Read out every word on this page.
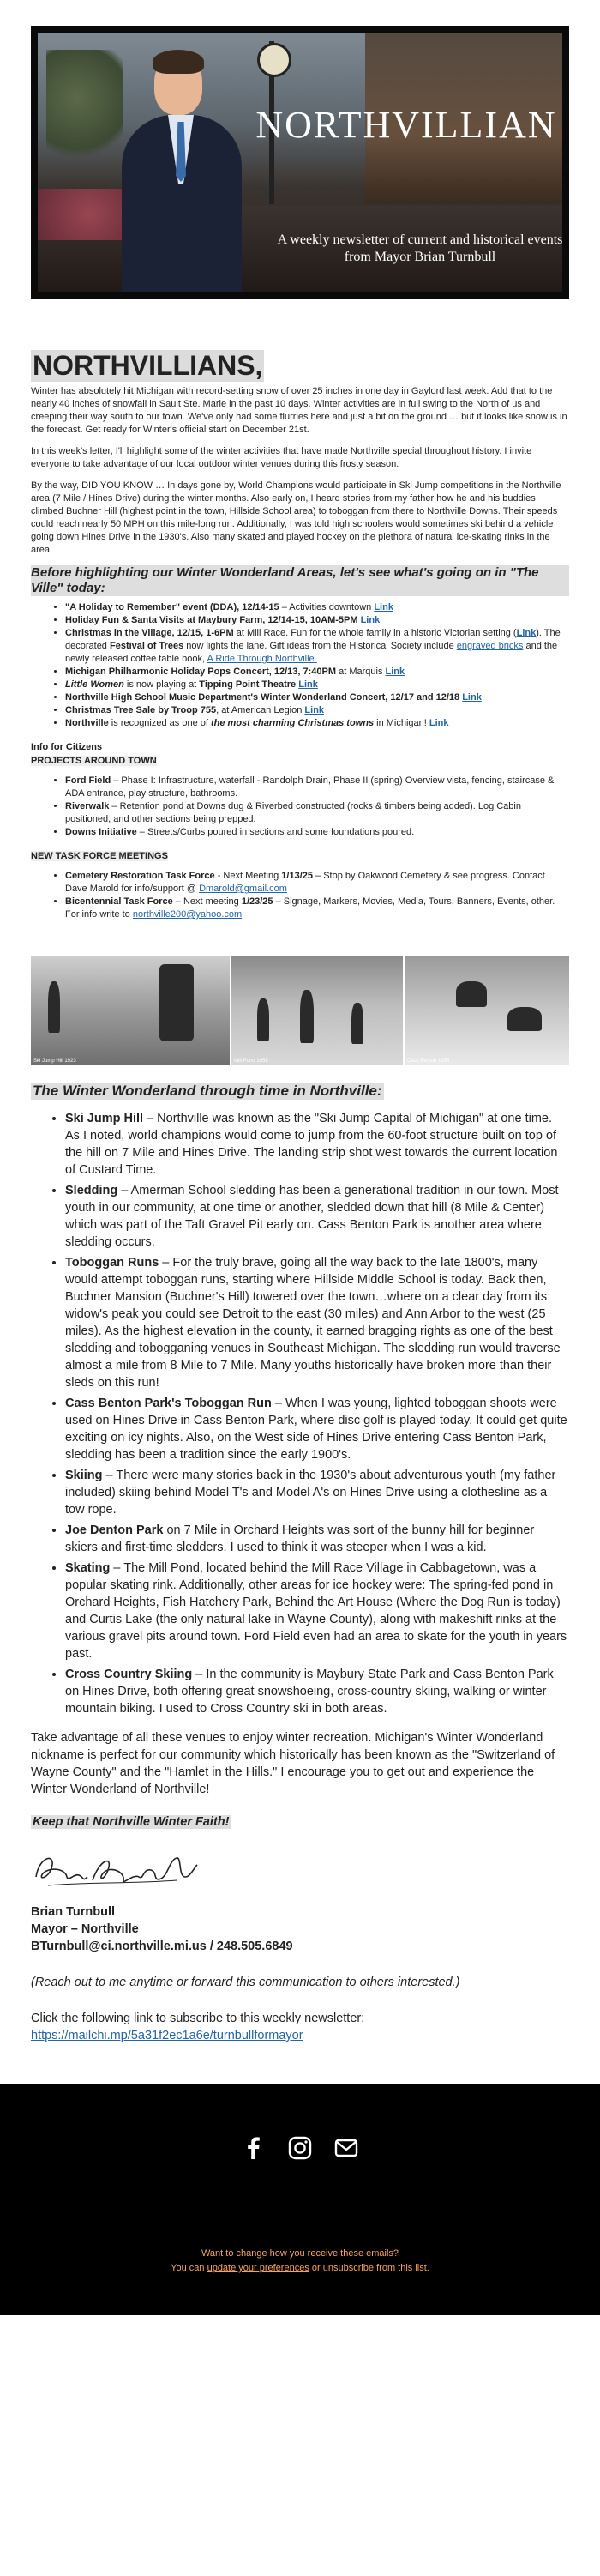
NORTHVILLIAN
A weekly newsletter of current and historical events from Mayor Brian Turnbull
NORTHVILLIANS,

Winter has absolutely hit Michigan with record-setting snow of over 25 inches in one day in Gaylord last week. Add that to the nearly 40 inches of snowfall in Sault Ste. Marie in the past 10 days. Winter activities are in full swing to the North of us and creeping their way south to our town. We've only had some flurries here and just a bit on the ground … but it looks like snow is in the forecast. Get ready for Winter's official start on December 21st.

In this week's letter, I'll highlight some of the winter activities that have made Northville special throughout history. I invite everyone to take advantage of our local outdoor winter venues during this frosty season.

By the way, DID YOU KNOW … In days gone by, World Champions would participate in Ski Jump competitions in the Northville area (7 Mile / Hines Drive) during the winter months. Also early on, I heard stories from my father how he and his buddies climbed Buchner Hill (highest point in the town, Hillside School area) to toboggan from there to Northville Downs. Their speeds could reach nearly 50 MPH on this mile-long run. Additionally, I was told high schoolers would sometimes ski behind a vehicle going down Hines Drive in the 1930's. Also many skated and played hockey on the plethora of natural ice-skating rinks in the area.

Before highlighting our Winter Wonderland Areas, let's see what's going on in "The Ville" today:
• "A Holiday to Remember" event (DDA), 12/14-15 – Activities downtown Link
• Holiday Fun & Santa Visits at Maybury Farm, 12/14-15, 10AM-5PM Link
• Christmas in the Village, 12/15, 1-6PM at Mill Race. Fun for the whole family in a historic Victorian setting (Link). The decorated Festival of Trees now lights the lane. Gift ideas from the Historical Society include engraved bricks and the newly released coffee table book, A Ride Through Northville.
• Michigan Philharmonic Holiday Pops Concert, 12/13, 7:40PM at Marquis Link
• Little Women is now playing at Tipping Point Theatre Link
• Northville High School Music Department's Winter Wonderland Concert, 12/17 and 12/18 Link
• Christmas Tree Sale by Troop 755, at American Legion Link
• Northville is recognized as one of the most charming Christmas towns in Michigan! Link
Info for Citizens
PROJECTS AROUND TOWN
• Ford Field – Phase I: Infrastructure, waterfall - Randolph Drain, Phase II (spring) Overview vista, fencing, staircase & ADA entrance, play structure, bathrooms.
• Riverwalk – Retention pond at Downs dug & Riverbed constructed (rocks & timbers being added). Log Cabin positioned, and other sections being prepped.
• Downs Initiative – Streets/Curbs poured in sections and some foundations poured.
NEW TASK FORCE MEETINGS
• Cemetery Restoration Task Force - Next Meeting 1/13/25 – Stop by Oakwood Cemetery & see progress. Contact Dave Marold for info/support @ Dmarold@gmail.com
• Bicentennial Task Force – Next meeting 1/23/25 – Signage, Markers, Movies, Media, Tours, Banners, Events, other. For info write to northville200@yahoo.com
Ski Jump Hill 1923	Mill Pond 1958	Cass Benton 1958
The Winter Wonderland through time in Northville:
• Ski Jump Hill – Northville was known as the "Ski Jump Capital of Michigan" at one time. As I noted, world champions would come to jump from the 60-foot structure built on top of the hill on 7 Mile and Hines Drive. The landing strip shot west towards the current location of Custard Time.
• Sledding – Amerman School sledding has been a generational tradition in our town. Most youth in our community, at one time or another, sledded down that hill (8 Mile & Center) which was part of the Taft Gravel Pit early on. Cass Benton Park is another area where sledding occurs.
• Toboggan Runs – For the truly brave, going all the way back to the late 1800's, many would attempt toboggan runs, starting where Hillside Middle School is today. Back then, Buchner Mansion (Buchner's Hill) towered over the town…where on a clear day from its widow's peak you could see Detroit to the east (30 miles) and Ann Arbor to the west (25 miles). As the highest elevation in the county, it earned bragging rights as one of the best sledding and tobogganing venues in Southeast Michigan. The sledding run would traverse almost a mile from 8 Mile to 7 Mile. Many youths historically have broken more than their sleds on this run!
• Cass Benton Park's Toboggan Run – When I was young, lighted toboggan shoots were used on Hines Drive in Cass Benton Park, where disc golf is played today. It could get quite exciting on icy nights. Also, on the West side of Hines Drive entering Cass Benton Park, sledding has been a tradition since the early 1900's.
• Skiing – There were many stories back in the 1930's about adventurous youth (my father included) skiing behind Model T's and Model A's on Hines Drive using a clothesline as a tow rope.
• Joe Denton Park on 7 Mile in Orchard Heights was sort of the bunny hill for beginner skiers and first-time sledders. I used to think it was steeper when I was a kid.
• Skating – The Mill Pond, located behind the Mill Race Village in Cabbagetown, was a popular skating rink. Additionally, other areas for ice hockey were: The spring-fed pond in Orchard Heights, Fish Hatchery Park, Behind the Art House (Where the Dog Run is today) and Curtis Lake (the only natural lake in Wayne County), along with makeshift rinks at the various gravel pits around town. Ford Field even had an area to skate for the youth in years past.
• Cross Country Skiing – In the community is Maybury State Park and Cass Benton Park on Hines Drive, both offering great snowshoeing, cross-country skiing, walking or winter mountain biking. I used to Cross Country ski in both areas.

Take advantage of all these venues to enjoy winter recreation. Michigan's Winter Wonderland nickname is perfect for our community which historically has been known as the "Switzerland of Wayne County" and the "Hamlet in the Hills." I encourage you to get out and experience the Winter Wonderland of Northville!

Keep that Northville Winter Faith!
Brian Turnbull
Mayor – Northville
BTurnbull@ci.northville.mi.us / 248.505.6849
(Reach out to me anytime or forward this communication to others interested.)

Click the following link to subscribe to this weekly newsletter:

https://mailchi.mp/5a31f2ec1a6e/turnbullformayor

Want to change how you receive these emails?
You can update your preferences or unsubscribe from this list.
